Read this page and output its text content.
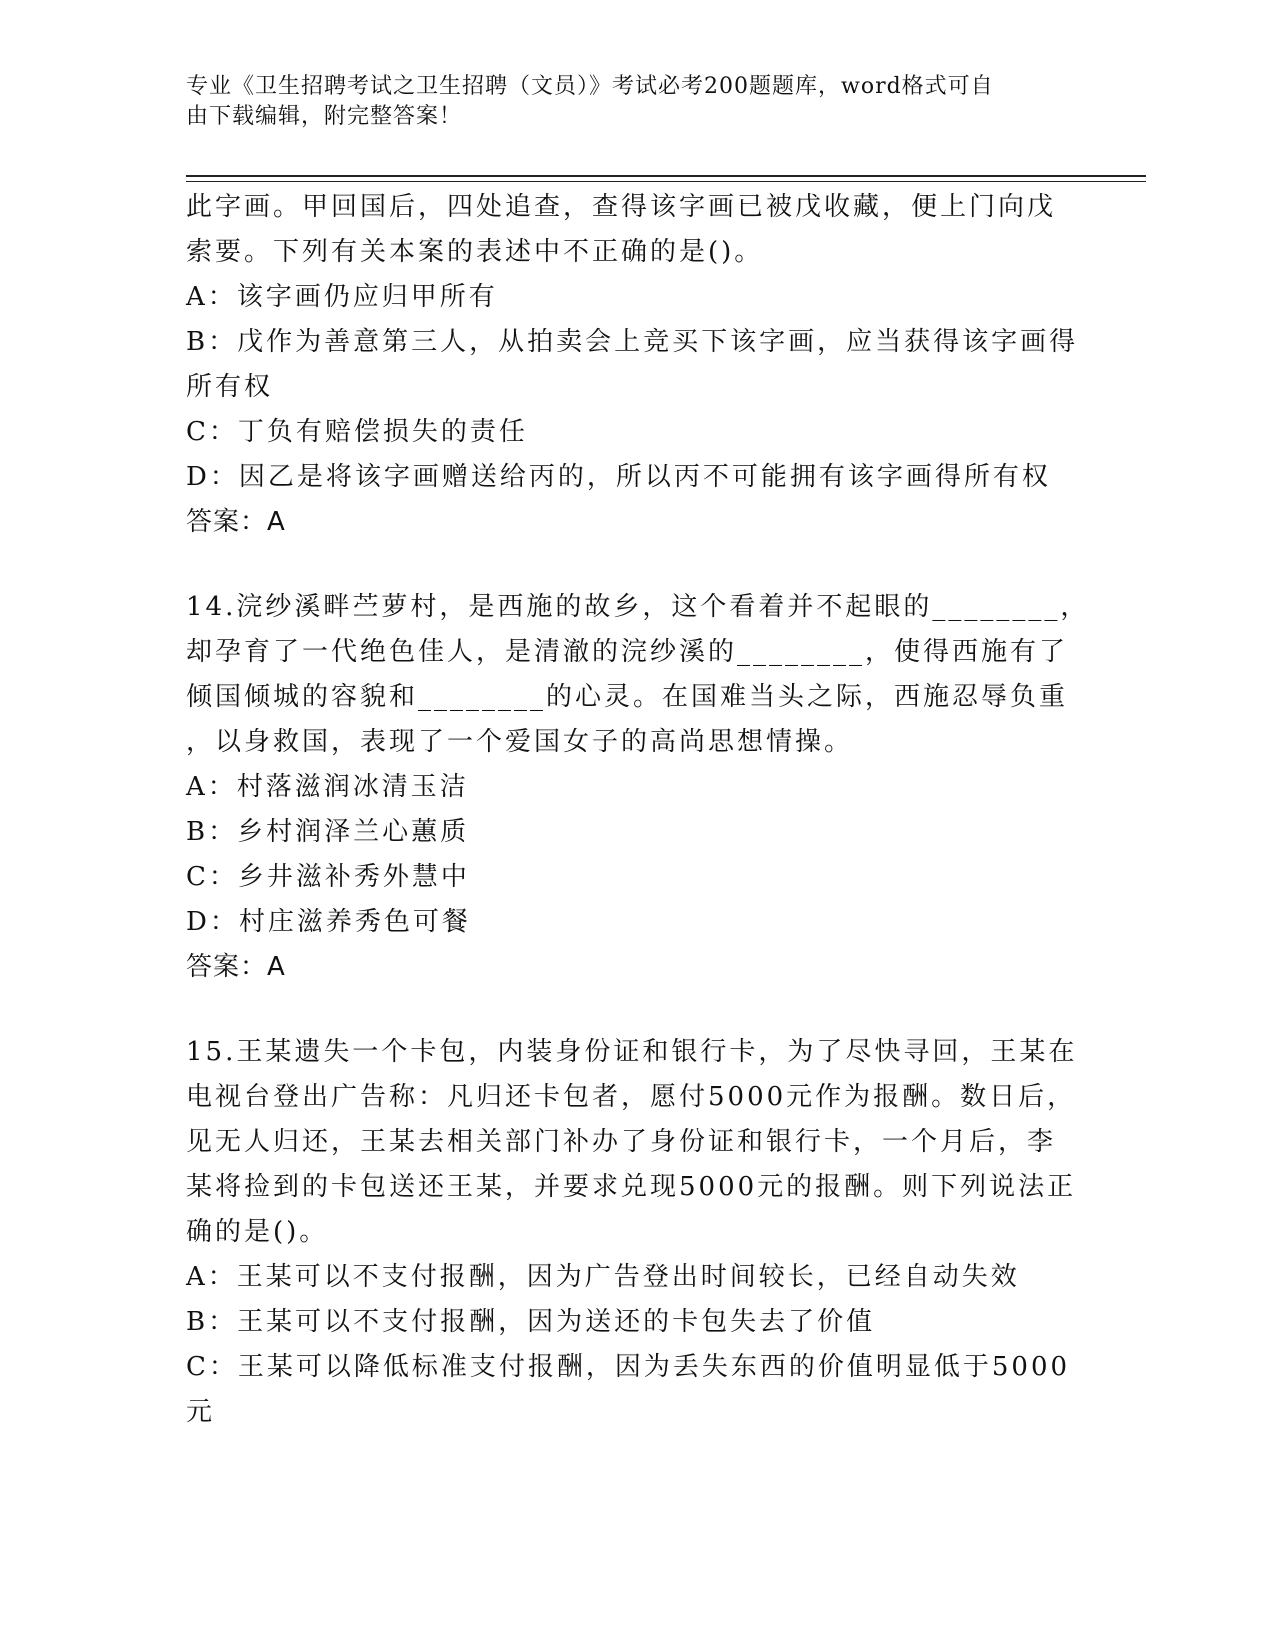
专业《卫生招聘考试之卫生招聘（文员）》考试必考200题题库，word格式可自
由下载编辑，附完整答案！
此字画。甲回国后，四处追查，查得该字画已被戊收藏，便上门向戊
索要。下列有关本案的表述中不正确的是()。
A：该字画仍应归甲所有
B：戊作为善意第三人，从拍卖会上竞买下该字画，应当获得该字画得
所有权
C：丁负有赔偿损失的责任
D：因乙是将该字画赠送给丙的，所以丙不可能拥有该字画得所有权
答案：A
14.浣纱溪畔苎萝村，是西施的故乡，这个看着并不起眼的________，
却孕育了一代绝色佳人，是清澈的浣纱溪的________，使得西施有了
倾国倾城的容貌和________的心灵。在国难当头之际，西施忍辱负重
，以身救国，表现了一个爱国女子的高尚思想情操。
A：村落滋润冰清玉洁
B：乡村润泽兰心蕙质
C：乡井滋补秀外慧中
D：村庄滋养秀色可餐
答案：A
15.王某遗失一个卡包，内装身份证和银行卡，为了尽快寻回，王某在
电视台登出广告称：凡归还卡包者，愿付5000元作为报酬。数日后，
见无人归还，王某去相关部门补办了身份证和银行卡，一个月后，李
某将捡到的卡包送还王某，并要求兑现5000元的报酬。则下列说法正
确的是()。
A：王某可以不支付报酬，因为广告登出时间较长，已经自动失效
B：王某可以不支付报酬，因为送还的卡包失去了价值
C：王某可以降低标准支付报酬，因为丢失东西的价值明显低于5000
元
